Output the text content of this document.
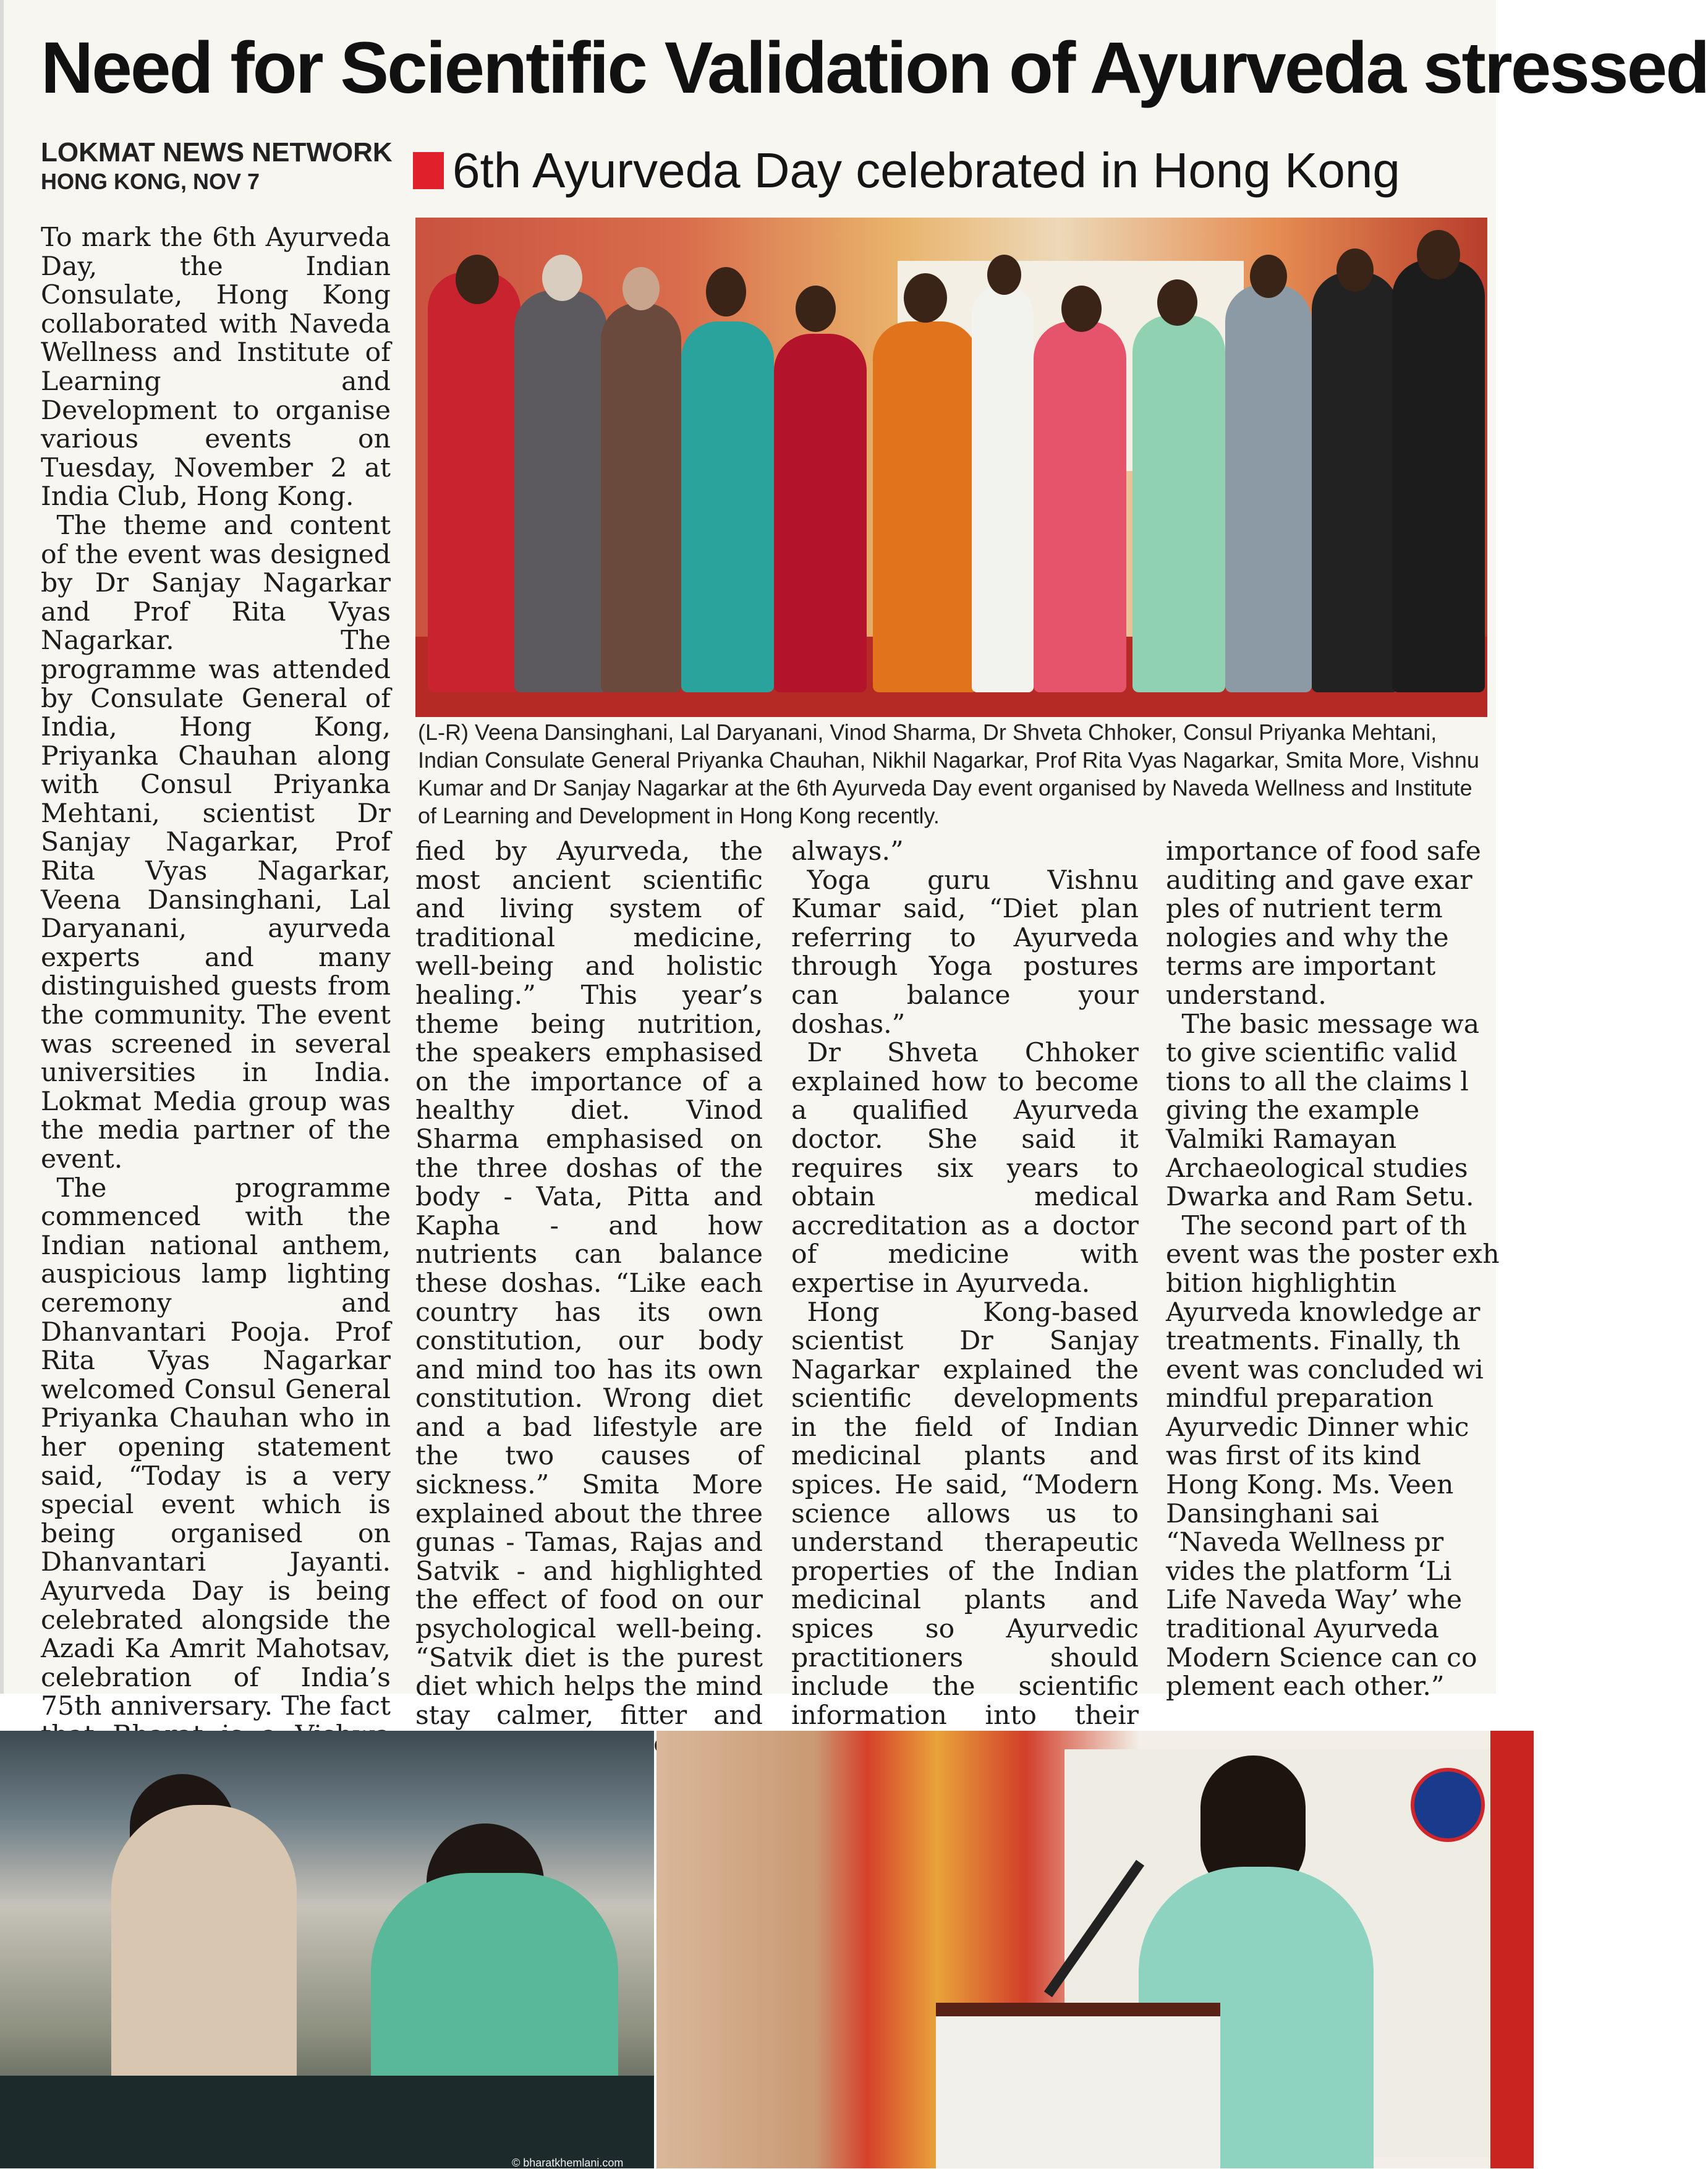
Need for Scientific Validation of Ayurveda stressed
LOKMAT NEWS NETWORK
HONG KONG, NOV 7	6th Ayurveda Day celebrated in Hong Kong

(L-R) Veena Dansinghani, Lal Daryanani, Vinod Sharma, Dr Shveta Chhoker, Consul Priyanka Mehtani, Indian Consulate General Priyanka Chauhan, Nikhil Nagarkar, Prof Rita Vyas Nagarkar, Smita More, Vishnu Kumar and Dr Sanjay Nagarkar at the 6th Ayurveda Day event organised by Naveda Wellness and Institute of Learning and Development in Hong Kong recently.

To mark the 6th Ayurveda Day, the Indian Consulate, Hong Kong collaborated with Naveda Wellness and Institute of Learning and Development to organise various events on Tuesday, November 2 at India Club, Hong Kong.

The theme and content of the event was designed by Dr Sanjay Nagarkar and Prof Rita Vyas Nagarkar. The programme was attended by Consulate General of India, Hong Kong, Priyanka Chauhan along with Consul Priyanka Mehtani, scientist Dr Sanjay Nagarkar, Prof Rita Vyas Nagarkar, Veena Dansinghani, Lal Daryanani, ayurveda experts and many distinguished guests from the community. The event was screened in several universities in India. Lokmat Media group was the media partner of the event.

The programme commenced with the Indian national anthem, auspicious lamp lighting ceremony and Dhanvantari Pooja. Prof Rita Vyas Nagarkar welcomed Consul General Priyanka Chauhan who in her opening statement said, “Today is a very special event which is being organised on Dhanvantari Jayanti. Ayurveda Day is being celebrated alongside the Azadi Ka Amrit Mahotsav, celebration of India’s 75th anniversary. The fact

fied by Ayurveda, the most ancient scientific and living system of traditional medicine, well-being and holistic healing.” This year’s theme being nutrition, the speakers emphasised on the importance of a healthy diet. Vinod Sharma emphasised on the three doshas of the body - Vata, Pitta and Kapha - and how nutrients can balance these doshas. “Like each country has its own constitution, our body and mind too has its own constitution. Wrong diet and a bad lifestyle are the two causes of sickness.” Smita More explained about the three gunas - Tamas, Rajas and Satvik - and highlighted the effect of food on our psychological well-being. “Satvik diet is the purest diet which helps the mind stay calmer, fitter and

always.”

Yoga guru Vishnu Kumar said, “Diet plan referring to Ayurveda through Yoga postures can balance your doshas.”

Dr Shveta Chhoker explained how to become a qualified Ayurveda doctor. She said it requires six years to obtain medical accreditation as a doctor of medicine with expertise in Ayurveda.

Hong Kong-based scientist Dr Sanjay Nagarkar explained the scientific developments in the field of Indian medicinal plants and spices. He said, “Modern science allows us to understand therapeutic properties of the Indian medicinal plants and spices so Ayurvedic practitioners should include the scientific information into their

importance of food safe
auditing and gave exar
ples of nutrient term
nologies and why the
terms are important
understand.
The basic message wa
to give scientific valid
tions to all the claims l
giving the example
Valmiki Ramayan
Archaeological studies
Dwarka and Ram Setu.
The second part of th
event was the poster exh
bition highlightin
Ayurveda knowledge ar
treatments. Finally, th
event was concluded wi
mindful preparation
Ayurvedic Dinner whic
was first of its kind
Hong Kong. Ms. Veen
Dansinghani sai
“Naveda Wellness pr
vides the platform ‘Li
Life Naveda Way’ whe
traditional Ayurveda
Modern Science can co
plement each other.”
© bharatkhemlani.com
